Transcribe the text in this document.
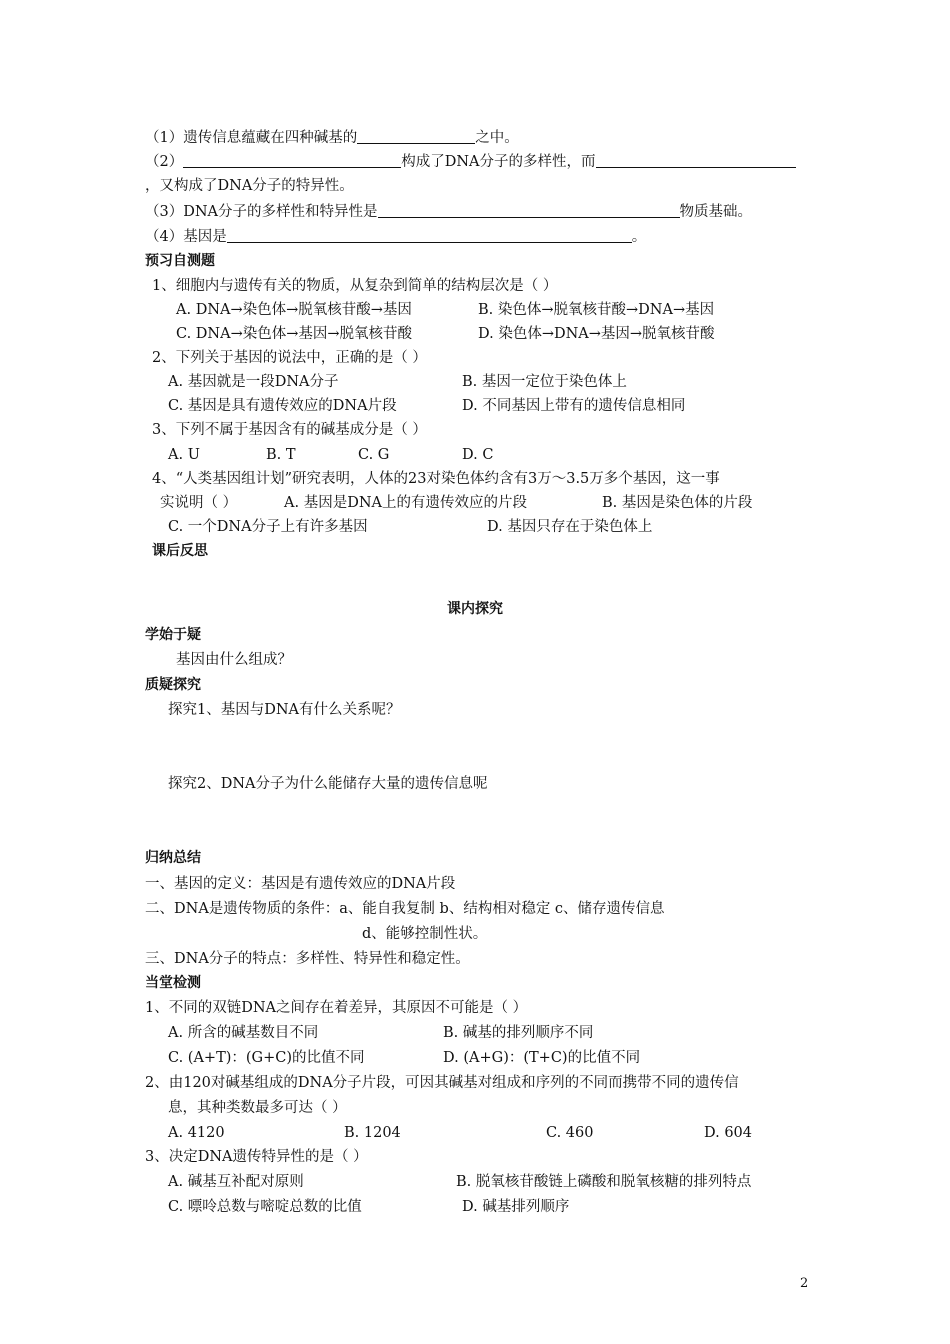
（1）遗传信息蕴藏在四种碱基的	之中。
（2）	构成了DNA分子的多样性，而
，又构成了DNA分子的特异性。
（3）DNA分子的多样性和特异性是	物质基础。
（4）基因是	。
预习自测题
1、细胞内与遗传有关的物质，从复杂到简单的结构层次是（ ）
A. DNA→染色体→脱氧核苷酸→基因	B. 染色体→脱氧核苷酸→DNA→基因
C. DNA→染色体→基因→脱氧核苷酸	D. 染色体→DNA→基因→脱氧核苷酸
2、下列关于基因的说法中，正确的是（ ）
A. 基因就是一段DNA分子	B. 基因一定位于染色体上
C. 基因是具有遗传效应的DNA片段	D. 不同基因上带有的遗传信息相同
3、下列不属于基因含有的碱基成分是（ ）
A. U	B. T	C. G	D. C
4、“人类基因组计划”研究表明，人体的23对染色体约含有3万～3.5万多个基因，这一事
实说明（ ）	A. 基因是DNA上的有遗传效应的片段	B. 基因是染色体的片段
C. 一个DNA分子上有许多基因	D. 基因只存在于染色体上
课后反思
课内探究
学始于疑
基因由什么组成？
质疑探究
探究1、基因与DNA有什么关系呢？
探究2、DNA分子为什么能储存大量的遗传信息呢
归纳总结
一、基因的定义：基因是有遗传效应的DNA片段
二、DNA是遗传物质的条件：a、能自我复制 b、结构相对稳定 c、储存遗传信息
d、能够控制性状。
三、DNA分子的特点：多样性、特异性和稳定性。
当堂检测
1、不同的双链DNA之间存在着差异，其原因不可能是（ ）
A. 所含的碱基数目不同	B. 碱基的排列顺序不同
C. (A+T)：(G+C)的比值不同	D. (A+G)：(T+C)的比值不同
2、由120对碱基组成的DNA分子片段，可因其碱基对组成和序列的不同而携带不同的遗传信
息，其种类数最多可达（ ）
A. 4120	B. 1204	C. 460	D. 604
3、决定DNA遗传特异性的是（ ）
A. 碱基互补配对原则	B. 脱氧核苷酸链上磷酸和脱氧核糖的排列特点
C. 嘌呤总数与嘧啶总数的比值	D. 碱基排列顺序
2
